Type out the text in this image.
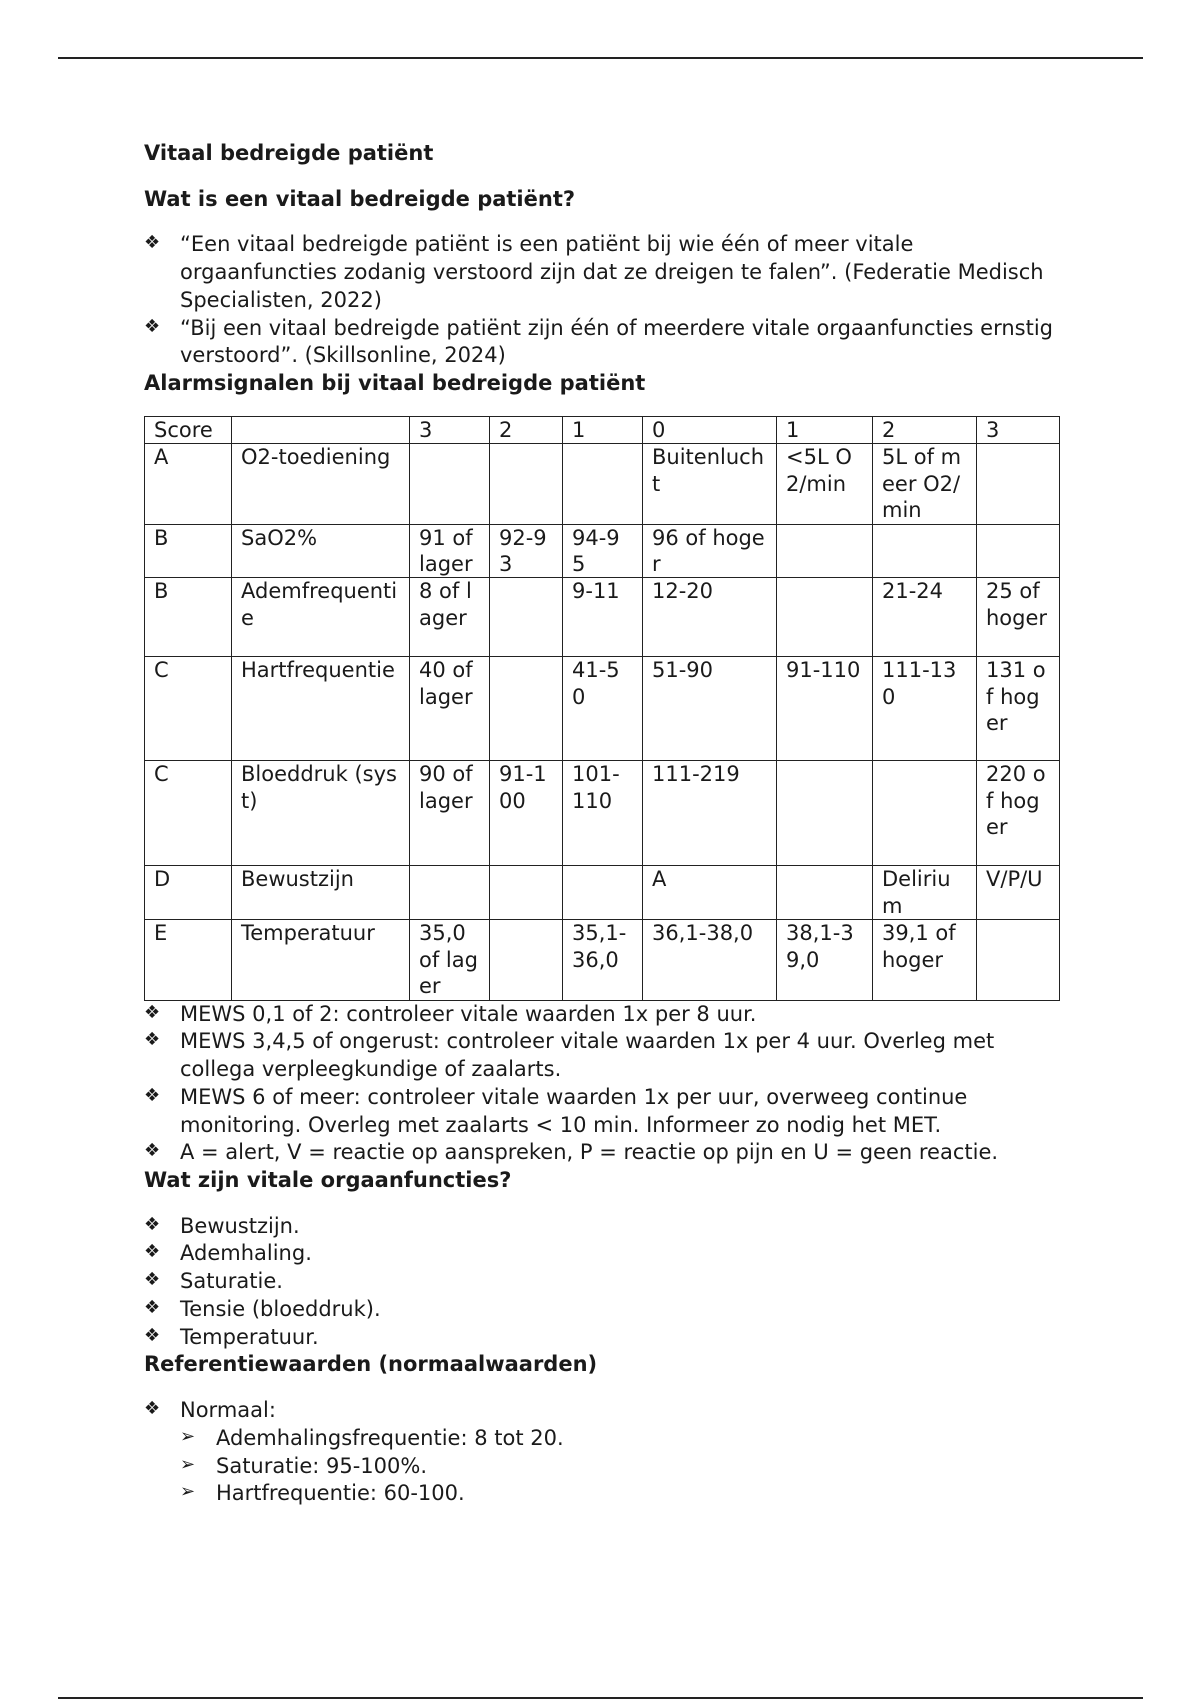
Vitaal bedreigde patiënt
Wat is een vitaal bedreigde patiënt?
❖ “Een vitaal bedreigde patiënt is een patiënt bij wie één of meer vitale orgaanfuncties zodanig verstoord zijn dat ze dreigen te falen”. (Federatie Medisch Specialisten, 2022)
❖ “Bij een vitaal bedreigde patiënt zijn één of meerdere vitale orgaanfuncties ernstig verstoord”. (Skillsonline, 2024)
Alarmsignalen bij vitaal bedreigde patiënt
Score		3	2	1	0	1	2	3
A	O2-toediening				Buitenlucht	<5L O2/min	5L of meer O2/min	
B	SaO2%	91 of lager	92-93	94-95	96 of hoger			
B	Ademfrequentie	8 of lager		9-11	12-20		21-24	25 of hoger
C	Hartfrequentie	40 of lager		41-50	51-90	91-110	111-130	131 of hoger
C	Bloeddruk (syst)	90 of lager	91-100	101-110	111-219			220 of hoger
D	Bewustzijn				A		Delirium	V/P/U
E	Temperatuur	35,0 of lager		35,1-36,0	36,1-38,0	38,1-39,0	39,1 of hoger	
❖ MEWS 0,1 of 2: controleer vitale waarden 1x per 8 uur.
❖ MEWS 3,4,5 of ongerust: controleer vitale waarden 1x per 4 uur. Overleg met collega verpleegkundige of zaalarts.
❖ MEWS 6 of meer: controleer vitale waarden 1x per uur, overweeg continue monitoring. Overleg met zaalarts < 10 min. Informeer zo nodig het MET.
❖ A = alert, V = reactie op aanspreken, P = reactie op pijn en U = geen reactie.
Wat zijn vitale orgaanfuncties?
❖ Bewustzijn.
❖ Ademhaling.
❖ Saturatie.
❖ Tensie (bloeddruk).
❖ Temperatuur.
Referentiewaarden (normaalwaarden)
❖ Normaal:
➢ Ademhalingsfrequentie: 8 tot 20.
➢ Saturatie: 95-100%.
➢ Hartfrequentie: 60-100.
